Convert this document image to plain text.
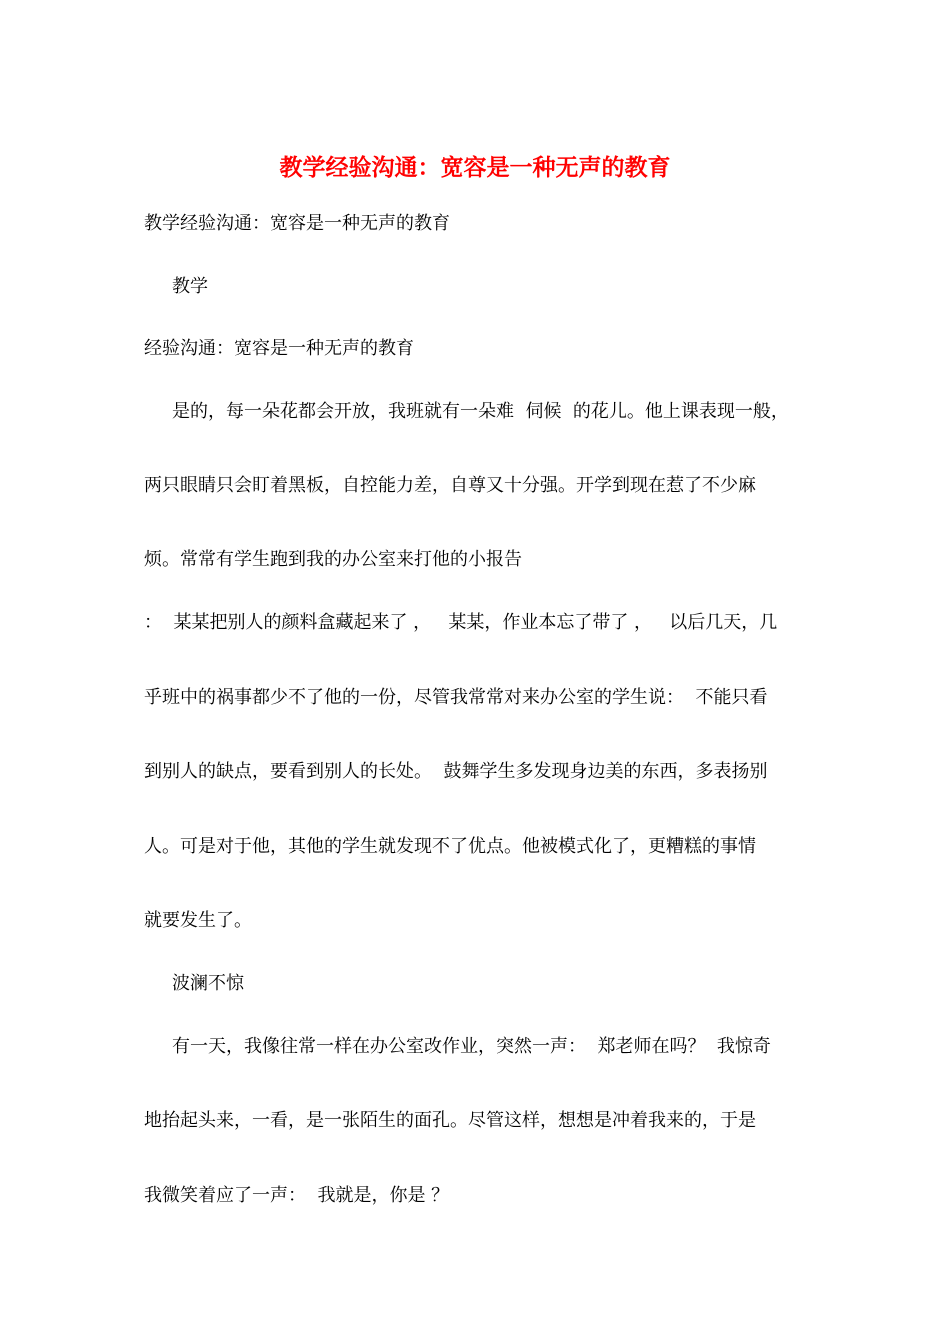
教学经验沟通：宽容是一种无声的教育
教学经验沟通：宽容是一种无声的教育
教学
经验沟通：宽容是一种无声的教育
是的，每一朵花都会开放，我班就有一朵难  伺候  的花儿。他上课表现一般，
两只眼睛只会盯着黑板，自控能力差，自尊又十分强。开学到现在惹了不少麻
烦。常常有学生跑到我的办公室来打他的小报告
：  某某把别人的颜料盒藏起来了 ，   某某，作业本忘了带了 ，   以后几天，几
乎班中的祸事都少不了他的一份，尽管我常常对来办公室的学生说：  不能只看
到别人的缺点，要看到别人的长处。  鼓舞学生多发现身边美的东西，多表扬别
人。可是对于他，其他的学生就发现不了优点。他被模式化了，更糟糕的事情
就要发生了。
波澜不惊
有一天，我像往常一样在办公室改作业，突然一声：  郑老师在吗？  我惊奇
地抬起头来，一看，是一张陌生的面孔。尽管这样，想想是冲着我来的，于是
我微笑着应了一声：  我就是，你是 ？
